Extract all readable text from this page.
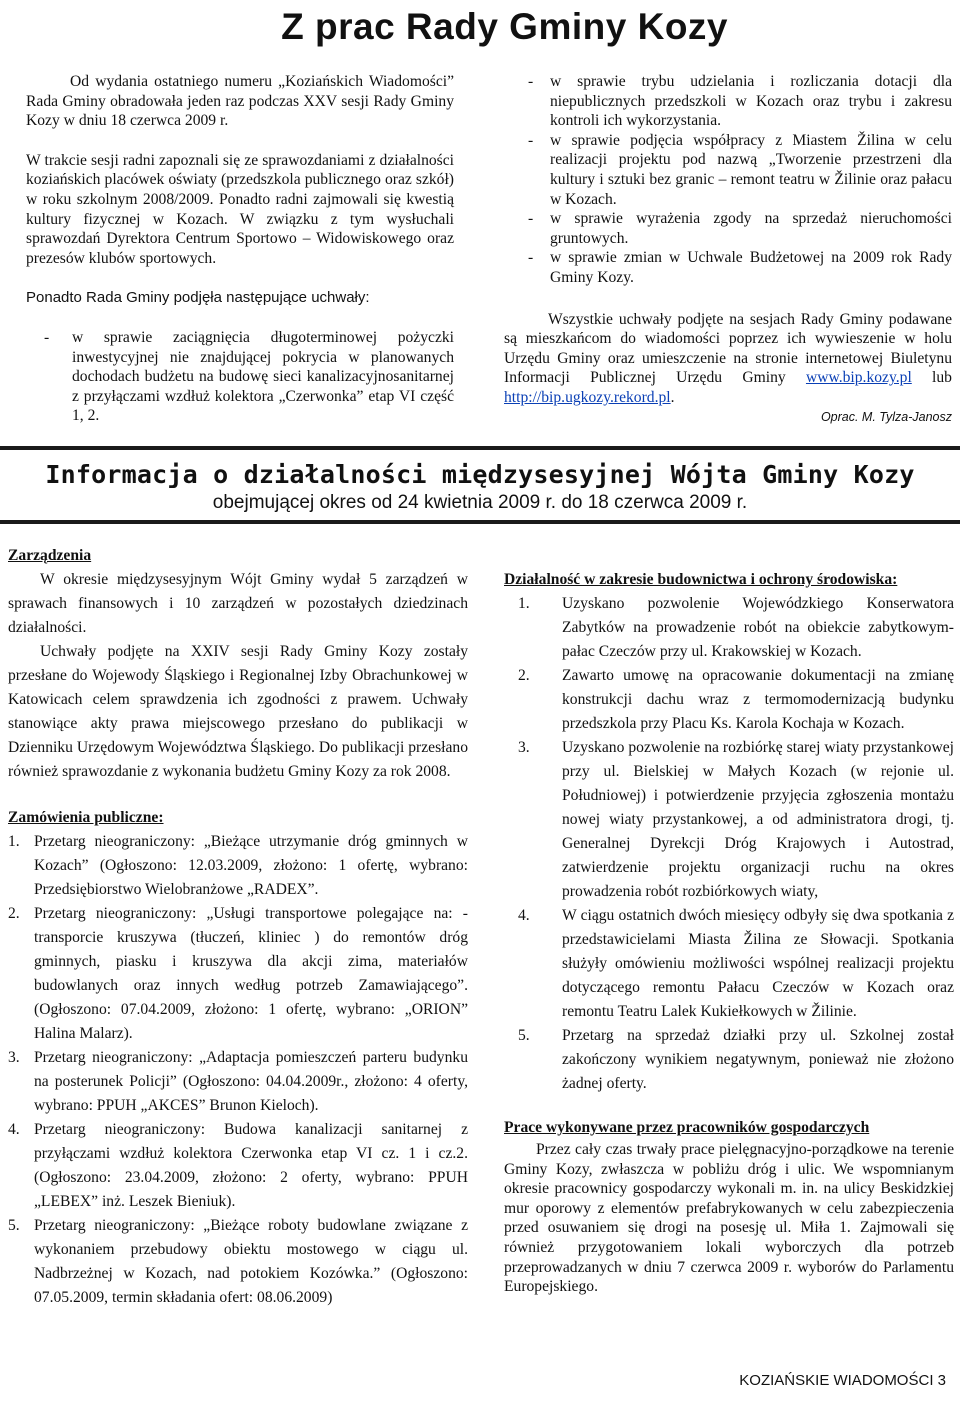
Z prac Rady Gminy Kozy

Od wydania ostatniego numeru „Koziańskich Wiadomości” Rada Gminy obradowała jeden raz podczas XXV sesji Rady Gminy Kozy w dniu 18 czerwca 2009 r.

W trakcie sesji radni zapoznali się ze sprawozdaniami z działalności koziańskich placówek oświaty (przedszkola publicznego oraz szkół) w roku szkolnym 2008/2009. Ponadto radni zajmowali się kwestią kultury fizycznej w Kozach. W związku z tym wysłuchali sprawozdań Dyrektora Centrum Sportowo – Widowiskowego oraz prezesów klubów sportowych.

Ponadto Rada Gminy podjęła następujące uchwały:

-	w sprawie zaciągnięcia długoterminowej pożyczki inwestycyjnej nie znajdującej pokrycia w planowanych dochodach budżetu na budowę sieci kanalizacyjnosanitarnej z przyłączami wzdłuż kolektora „Czerwonka” etap VI część 1, 2.
-	w sprawie trybu udzielania i rozliczania dotacji dla niepublicznych przedszkoli w Kozach oraz trybu i zakresu kontroli ich wykorzystania.
-	w sprawie podjęcia współpracy z Miastem Žilina w celu realizacji projektu pod nazwą „Tworzenie przestrzeni dla kultury i sztuki bez granic – remont teatru w Žilinie oraz pałacu w Kozach.
-	w sprawie wyrażenia zgody na sprzedaż nieruchomości gruntowych.
-	w sprawie zmian w Uchwale Budżetowej na 2009 rok Rady Gminy Kozy.

Wszystkie uchwały podjęte na sesjach Rady Gminy podawane są mieszkańcom do wiadomości poprzez ich wywieszenie w holu Urzędu Gminy oraz umieszczenie na stronie internetowej Biuletynu Informacji Publicznej Urzędu Gminy www.bip.kozy.pl lub http://bip.ugkozy.rekord.pl.

Oprac. M. Tylza-Janosz
Informacja o działalności międzysesyjnej Wójta Gminy Kozy
obejmującej okres od 24 kwietnia 2009 r. do 18 czerwca 2009 r.

Zarządzenia

W okresie międzysesyjnym Wójt Gminy wydał 5 zarządzeń w sprawach finansowych i 10 zarządzeń w pozostałych dziedzinach działalności.

Uchwały podjęte na XXIV sesji Rady Gminy Kozy zostały przesłane do Wojewody Śląskiego i Regionalnej Izby Obrachunkowej w Katowicach celem sprawdzenia ich zgodności z prawem. Uchwały stanowiące akty prawa miejscowego przesłano do publikacji w Dzienniku Urzędowym Województwa Śląskiego. Do publikacji przesłano również sprawozdanie z wykonania budżetu Gminy Kozy za rok 2008.

Zamówienia publiczne:

1. Przetarg nieograniczony: „Bieżące utrzymanie dróg gminnych w Kozach” (Ogłoszono: 12.03.2009, złożono: 1 ofertę, wybrano: Przedsiębiorstwo Wielobranżowe „RADEX”.
2. Przetarg nieograniczony: „Usługi transportowe polegające na: - transporcie kruszywa (tłuczeń, kliniec ) do remontów dróg gminnych, piasku i kruszywa dla akcji zima, materiałów budowlanych oraz innych według potrzeb Zamawiającego”. (Ogłoszono: 07.04.2009, złożono: 1 ofertę, wybrano: „ORION” Halina Malarz).
3. Przetarg nieograniczony: „Adaptacja pomieszczeń parteru budynku na posterunek Policji” (Ogłoszono: 04.04.2009r., złożono: 4 oferty, wybrano: PPUH „AKCES” Brunon Kieloch).
4. Przetarg nieograniczony: Budowa kanalizacji sanitarnej z przyłączami wzdłuż kolektora Czerwonka etap VI cz. 1 i cz.2. (Ogłoszono: 23.04.2009, złożono: 2 oferty, wybrano: PPUH „LEBEX” inż. Leszek Bieniuk).
5. Przetarg nieograniczony: „Bieżące roboty budowlane związane z wykonaniem przebudowy obiektu mostowego w ciągu ul. Nadbrzeżnej w Kozach, nad potokiem Kozówka.” (Ogłoszono: 07.05.2009, termin składania ofert: 08.06.2009)

Działalność w zakresie budownictwa i ochrony środowiska:

1.	Uzyskano pozwolenie Wojewódzkiego Konserwatora Zabytków na prowadzenie robót na obiekcie zabytkowym- pałac Czeczów przy ul. Krakowskiej w Kozach.
2.	Zawarto umowę na opracowanie dokumentacji na zmianę konstrukcji dachu wraz z termomodernizacją budynku przedszkola przy Placu Ks. Karola Kochaja w Kozach.
3.	Uzyskano pozwolenie na rozbiórkę starej wiaty przystankowej przy ul. Bielskiej w Małych Kozach (w rejonie ul. Południowej) i potwierdzenie przyjęcia zgłoszenia montażu nowej wiaty przystankowej, a od administratora drogi, tj. Generalnej Dyrekcji Dróg Krajowych i Autostrad, zatwierdzenie projektu organizacji ruchu na okres prowadzenia robót rozbiórkowych wiaty,
4.	W ciągu ostatnich dwóch miesięcy odbyły się dwa spotkania z przedstawicielami Miasta Žilina ze Słowacji. Spotkania służyły omówieniu możliwości wspólnej realizacji projektu dotyczącego remontu Pałacu Czeczów w Kozach oraz remontu Teatru Lalek Kukiełkowych w Žilinie.
5.	Przetarg na sprzedaż działki przy ul. Szkolnej został zakończony wynikiem negatywnym, ponieważ nie złożono żadnej oferty.

Prace wykonywane przez pracowników gospodarczych

Przez cały czas trwały prace pielęgnacyjno-porządkowe na terenie Gminy Kozy, zwłaszcza w pobliżu dróg i ulic. We wspomnianym okresie pracownicy gospodarczy wykonali m. in. na ulicy Beskidzkiej mur oporowy z elementów prefabrykowanych w celu zabezpieczenia przed osuwaniem się drogi na posesję ul. Miła 1. Zajmowali się również przygotowaniem lokali wyborczych dla potrzeb przeprowadzanych w dniu 7 czerwca 2009 r. wyborów do Parlamentu Europejskiego.

KOZIAŃSKIE WIADOMOŚCI 3
